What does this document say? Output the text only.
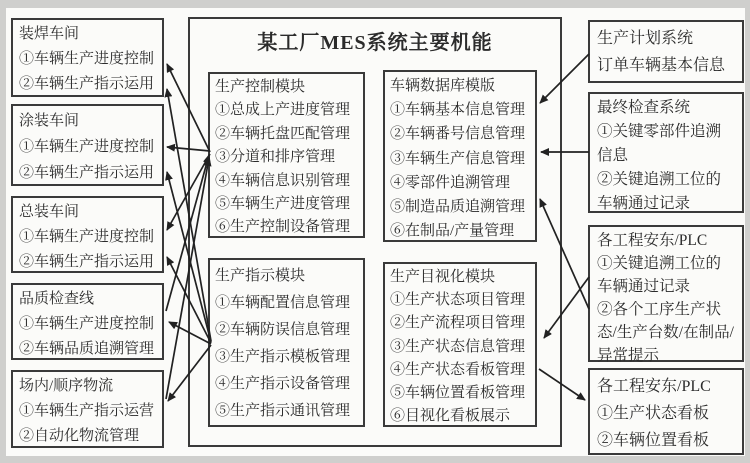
装焊车间
①车辆生产进度控制
②车辆生产指示运用
涂装车间
①车辆生产进度控制
②车辆生产指示运用
总装车间
①车辆生产进度控制
②车辆生产指示运用
品质检查线
①车辆生产进度控制
②车辆品质追溯管理
场内/顺序物流
①车辆生产指示运营
②自动化物流管理
某工厂MES系统主要机能
生产控制模块
①总成上产进度管理
②车辆托盘匹配管理
③分道和排序管理
④车辆信息识别管理
⑤车辆生产进度管理
⑥生产控制设备管理
车辆数据库模版
①车辆基本信息管理
②车辆番号信息管理
③车辆生产信息管理
④零部件追溯管理
⑤制造品质追溯管理
⑥在制品/产量管理
生产指示模块
①车辆配置信息管理
②车辆防误信息管理
③生产指示模板管理
④生产指示设备管理
⑤生产指示通讯管理
生产目视化模块
①生产状态项目管理
②生产流程项目管理
③生产状态信息管理
④生产状态看板管理
⑤车辆位置看板管理
⑥目视化看板展示
生产计划系统
订单车辆基本信息
最终检查系统
①关键零部件追溯信息
②关键追溯工位的车辆通过记录
各工程安东/PLC
①关键追溯工位的车辆通过记录
②各个工序生产状态/生产台数/在制品/异常提示
各工程安东/PLC
①生产状态看板
②车辆位置看板
